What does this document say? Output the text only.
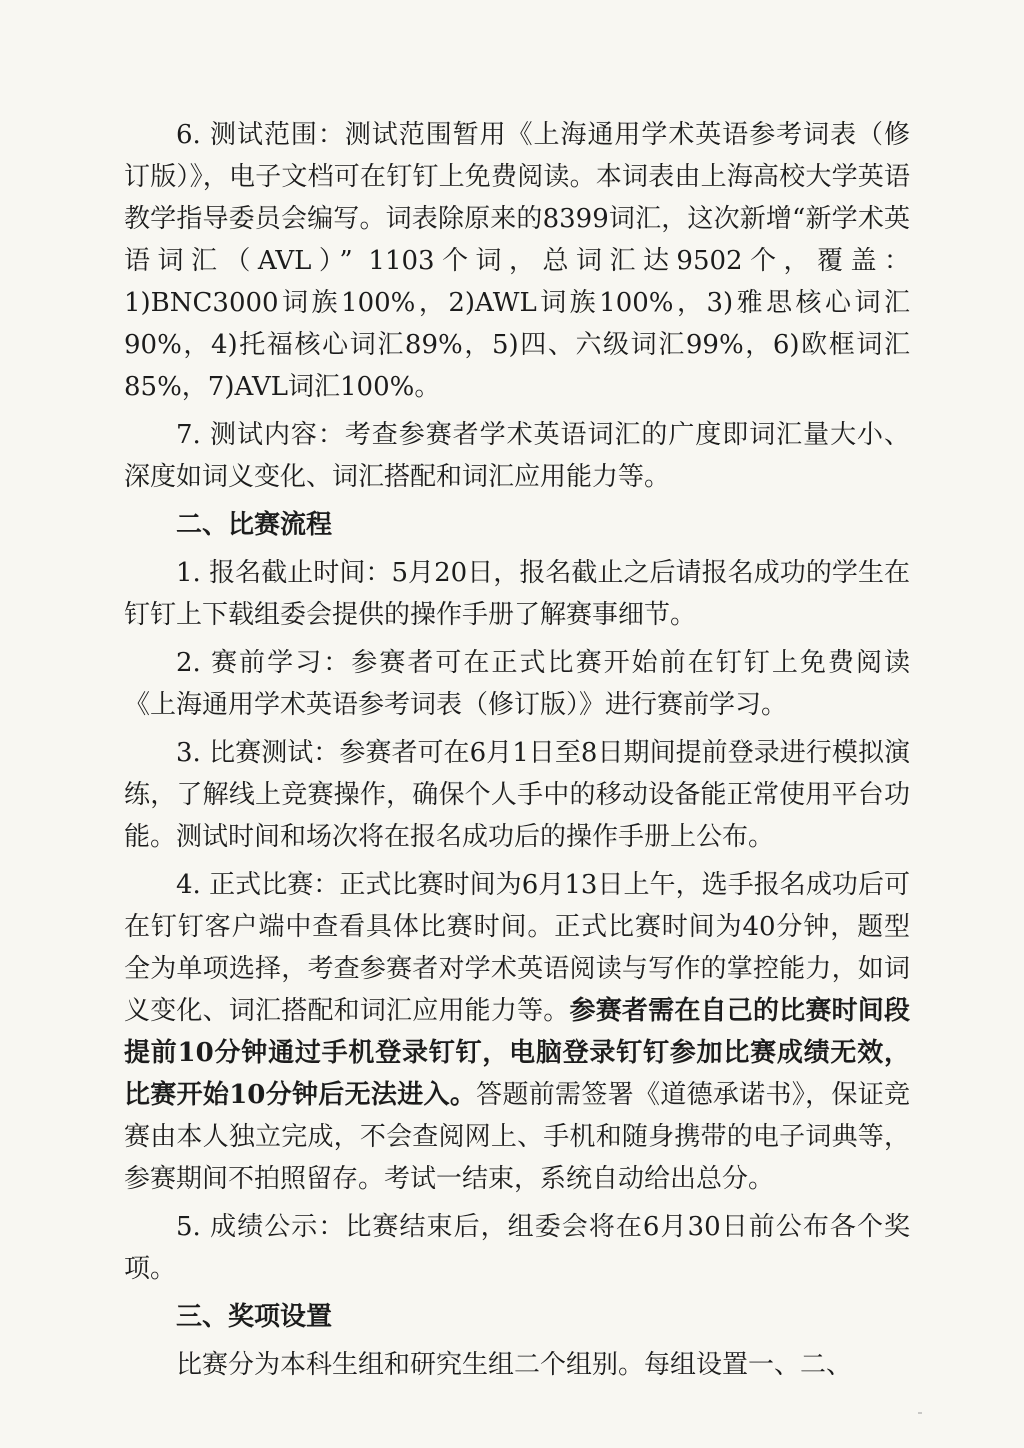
6. 测试范围：测试范围暂用《上海通用学术英语参考词表（修订版）》，电子文档可在钉钉上免费阅读。本词表由上海高校大学英语教学指导委员会编写。词表除原来的8399词汇，这次新增“新学术英语词汇（AVL）” 1103个词，总词汇达9502个，覆盖：1)BNC3000词族100%，2)AWL词族100%，3)雅思核心词汇90%，4)托福核心词汇89%，5)四、六级词汇99%，6)欧框词汇85%，7)AVL词汇100%。

7. 测试内容：考查参赛者学术英语词汇的广度即词汇量大小、深度如词义变化、词汇搭配和词汇应用能力等。

二、比赛流程

1. 报名截止时间：5月20日，报名截止之后请报名成功的学生在钉钉上下载组委会提供的操作手册了解赛事细节。

2. 赛前学习：参赛者可在正式比赛开始前在钉钉上免费阅读《上海通用学术英语参考词表（修订版）》进行赛前学习。

3. 比赛测试：参赛者可在6月1日至8日期间提前登录进行模拟演练，了解线上竞赛操作，确保个人手中的移动设备能正常使用平台功能。测试时间和场次将在报名成功后的操作手册上公布。

4. 正式比赛：正式比赛时间为6月13日上午，选手报名成功后可在钉钉客户端中查看具体比赛时间。正式比赛时间为40分钟，题型全为单项选择，考查参赛者对学术英语阅读与写作的掌控能力，如词义变化、词汇搭配和词汇应用能力等。参赛者需在自己的比赛时间段提前10分钟通过手机登录钉钉，电脑登录钉钉参加比赛成绩无效，比赛开始10分钟后无法进入。答题前需签署《道德承诺书》，保证竞赛由本人独立完成，不会查阅网上、手机和随身携带的电子词典等，参赛期间不拍照留存。考试一结束，系统自动给出总分。

5. 成绩公示：比赛结束后，组委会将在6月30日前公布各个奖项。

三、奖项设置

比赛分为本科生组和研究生组二个组别。每组设置一、二、
